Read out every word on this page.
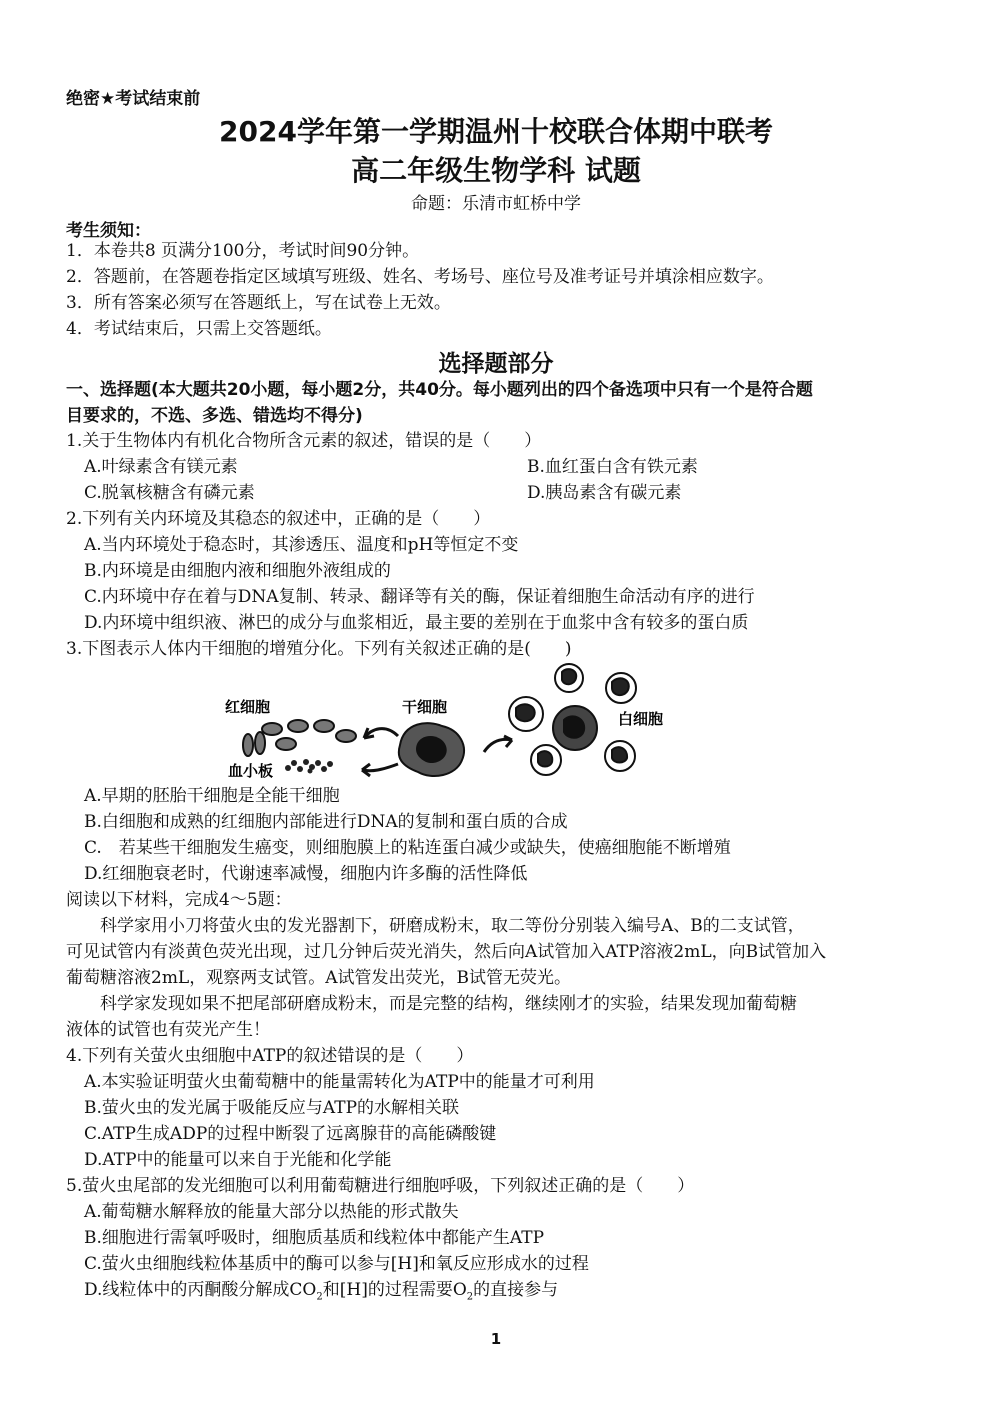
绝密★考试结束前
2024学年第一学期温州十校联合体期中联考
高二年级生物学科 试题
命题：乐清市虹桥中学
考生须知：
1．本卷共8 页满分100分，考试时间90分钟。
2．答题前，在答题卷指定区域填写班级、姓名、考场号、座位号及准考证号并填涂相应数字。
3．所有答案必须写在答题纸上，写在试卷上无效。
4．考试结束后，只需上交答题纸。
选择题部分
一、选择题(本大题共20小题，每小题2分，共40分。每小题列出的四个备选项中只有一个是符合题
目要求的，不选、多选、错选均不得分)
1.关于生物体内有机化合物所含元素的叙述，错误的是（　　）
A.叶绿素含有镁元素	B.血红蛋白含有铁元素
C.脱氧核糖含有磷元素	D.胰岛素含有碳元素
2.下列有关内环境及其稳态的叙述中，正确的是（　　）
A.当内环境处于稳态时，其渗透压、温度和pH等恒定不变
B.内环境是由细胞内液和细胞外液组成的
C.内环境中存在着与DNA复制、转录、翻译等有关的酶，保证着细胞生命活动有序的进行
D.内环境中组织液、淋巴的成分与血浆相近，最主要的差别在于血浆中含有较多的蛋白质
3.下图表示人体内干细胞的增殖分化。下列有关叙述正确的是(　　)
红细胞	干细胞
白细胞
血小板
A.早期的胚胎干细胞是全能干细胞
B.白细胞和成熟的红细胞内部能进行DNA的复制和蛋白质的合成
C.　若某些干细胞发生癌变，则细胞膜上的粘连蛋白减少或缺失，使癌细胞能不断增殖
D.红细胞衰老时，代谢速率减慢，细胞内许多酶的活性降低
阅读以下材料，完成4～5题：
科学家用小刀将萤火虫的发光器割下，研磨成粉末，取二等份分别装入编号A、B的二支试管，
可见试管内有淡黄色荧光出现，过几分钟后荧光消失，然后向A试管加入ATP溶液2mL，向B试管加入
葡萄糖溶液2mL，观察两支试管。A试管发出荧光，B试管无荧光。
科学家发现如果不把尾部研磨成粉末，而是完整的结构，继续刚才的实验，结果发现加葡萄糖
液体的试管也有荧光产生！
4.下列有关萤火虫细胞中ATP的叙述错误的是（　　）
A.本实验证明萤火虫葡萄糖中的能量需转化为ATP中的能量才可利用
B.萤火虫的发光属于吸能反应与ATP的水解相关联
C.ATP生成ADP的过程中断裂了远离腺苷的高能磷酸键
D.ATP中的能量可以来自于光能和化学能
5.萤火虫尾部的发光细胞可以利用葡萄糖进行细胞呼吸，下列叙述正确的是（　　）
A.葡萄糖水解释放的能量大部分以热能的形式散失
B.细胞进行需氧呼吸时，细胞质基质和线粒体中都能产生ATP
C.萤火虫细胞线粒体基质中的酶可以参与[H]和氧反应形成水的过程
D.线粒体中的丙酮酸分解成$CO_2$和[H]的过程需要$O_2$的直接参与
1
